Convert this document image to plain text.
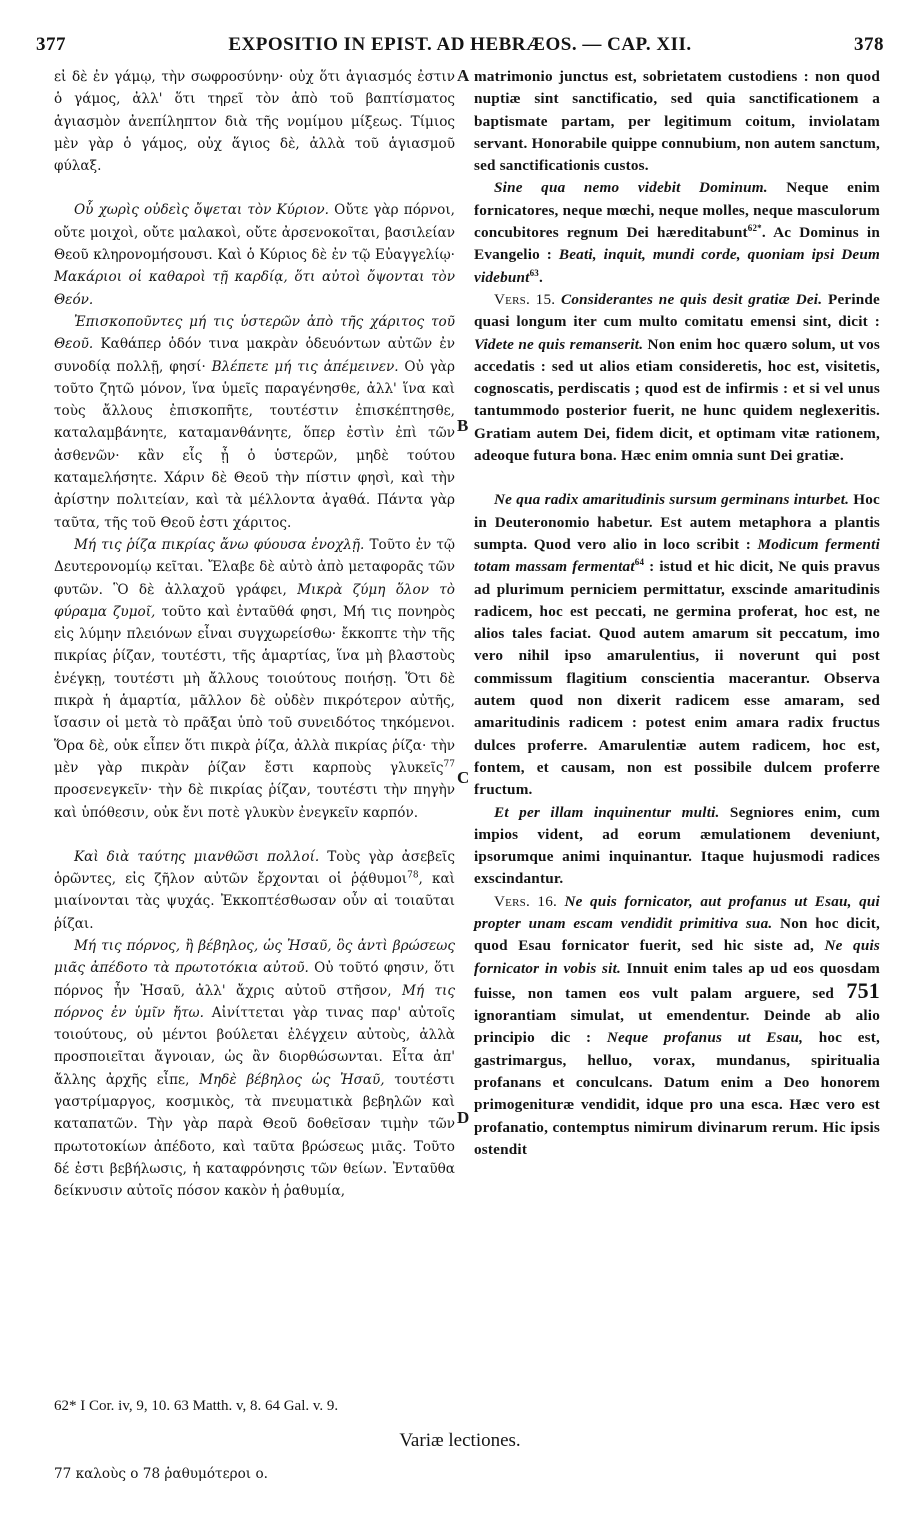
377	EXPOSITIO IN EPIST. AD HEBRÆOS. — CAP. XII.	378

εἰ δὲ ἐν γάμῳ, τὴν σωφροσύνην· οὐχ ὅτι ἁγιασμός ἐστιν ὁ γάμος, ἀλλ' ὅτι τηρεῖ τὸν ἀπὸ τοῦ βαπτίσματος ἁγιασμὸν ἀνεπίληπτον διὰ τῆς νομίμου μίξεως. Τίμιος μὲν γὰρ ὁ γάμος, οὐχ ἅγιος δὲ, ἀλλὰ τοῦ ἁγιασμοῦ φύλαξ.

Οὗ χωρὶς οὐδεὶς ὄψεται τὸν Κύριον. Οὔτε γὰρ πόρνοι, οὔτε μοιχοὶ, οὔτε μαλακοὶ, οὔτε ἀρσενοκοῖται, βασιλείαν Θεοῦ κληρονομήσουσι. Καὶ ὁ Κύριος δὲ ἐν τῷ Εὐαγγελίῳ· Μακάριοι οἱ καθαροὶ τῇ καρδίᾳ, ὅτι αὐτοὶ ὄψονται τὸν Θεόν.

Ἐπισκοποῦντες μή τις ὑστερῶν ἀπὸ τῆς χάριτος τοῦ Θεοῦ. Καθάπερ ὁδόν τινα μακρὰν ὁδευόντων αὐτῶν ἐν συνοδίᾳ πολλῇ, φησί· Βλέπετε μή τις ἀπέμεινεν. Οὐ γὰρ τοῦτο ζητῶ μόνον, ἵνα ὑμεῖς παραγένησθε, ἀλλ' ἵνα καὶ τοὺς ἄλλους ἐπισκοπῆτε, τουτέστιν ἐπισκέπτησθε, καταλαμβάνητε, καταμανθάνητε, ὅπερ ἐστὶν ἐπὶ τῶν ἀσθενῶν· κἂν εἷς ᾖ ὁ ὑστερῶν, μηδὲ τούτου καταμελήσητε. Χάριν δὲ Θεοῦ τὴν πίστιν φησὶ, καὶ τὴν ἀρίστην πολιτείαν, καὶ τὰ μέλλοντα ἀγαθά. Πάντα γὰρ ταῦτα, τῆς τοῦ Θεοῦ ἐστι χάριτος.

Μή τις ῥίζα πικρίας ἄνω φύουσα ἐνοχλῇ. Τοῦτο ἐν τῷ Δευτερονομίῳ κεῖται. Ἔλαβε δὲ αὐτὸ ἀπὸ μεταφορᾶς τῶν φυτῶν. Ὃ δὲ ἀλλαχοῦ γράφει, Μικρὰ ζύμη ὅλον τὸ φύραμα ζυμοῖ, τοῦτο καὶ ἐνταῦθά φησι, Μή τις πονηρὸς εἰς λύμην πλειόνων εἶναι συγχωρείσθω· ἔκκοπτε τὴν τῆς πικρίας ῥίζαν, τουτέστι, τῆς ἁμαρτίας, ἵνα μὴ βλαστοὺς ἐνέγκῃ, τουτέστι μὴ ἄλλους τοιούτους ποιήσῃ. Ὅτι δὲ πικρὰ ἡ ἁμαρτία, μᾶλλον δὲ οὐδὲν πικρότερον αὐτῆς, ἴσασιν οἱ μετὰ τὸ πρᾶξαι ὑπὸ τοῦ συνειδότος τηκόμενοι. Ὅρα δὲ, οὐκ εἶπεν ὅτι πικρὰ ῥίζα, ἀλλὰ πικρίας ῥίζα· τὴν μὲν γὰρ πικρὰν ῥίζαν ἔστι καρποὺς γλυκεῖς$^{77}$ προσενεγκεῖν· τὴν δὲ πικρίας ῥίζαν, τουτέστι τὴν πηγὴν καὶ ὑπόθεσιν, οὐκ ἔνι ποτὲ γλυκὺν ἐνεγκεῖν καρπόν.

Καὶ διὰ ταύτης μιανθῶσι πολλοί. Τοὺς γὰρ ἀσεβεῖς ὁρῶντες, εἰς ζῆλον αὐτῶν ἔρχονται οἱ ῥᾴθυμοι$^{78}$, καὶ μιαίνονται τὰς ψυχάς. Ἐκκοπτέσθωσαν οὖν αἱ τοιαῦται ῥίζαι.

Μή τις πόρνος, ἢ βέβηλος, ὡς Ἠσαῦ, ὃς ἀντὶ βρώσεως μιᾶς ἀπέδοτο τὰ πρωτοτόκια αὐτοῦ. Οὐ τοῦτό φησιν, ὅτι πόρνος ἦν Ἠσαῦ, ἀλλ' ἄχρις αὐτοῦ στῆσον, Μή τις πόρνος ἐν ὑμῖν ἤτω. Αἰνίττεται γὰρ τινας παρ' αὐτοῖς τοιούτους, οὐ μέντοι βούλεται ἐλέγχειν αὐτοὺς, ἀλλὰ προσποιεῖται ἄγνοιαν, ὡς ἂν διορθώσωνται. Εἶτα ἀπ' ἄλλης ἀρχῆς εἶπε, Μηδὲ βέβηλος ὡς Ἠσαῦ, τουτέστι γαστρίμαργος, κοσμικὸς, τὰ πνευματικὰ βεβηλῶν καὶ καταπατῶν. Τὴν γὰρ παρὰ Θεοῦ δοθεῖσαν τιμὴν τῶν πρωτοτοκίων ἀπέδοτο, καὶ ταῦτα βρώσεως μιᾶς. Τοῦτο δέ ἐστι βεβήλωσις, ἡ καταφρόνησις τῶν θείων. Ἐνταῦθα δείκνυσιν αὐτοῖς πόσον κακὸν ἡ ῥαθυμία,

A
B
C
D

matrimonio junctus est, sobrietatem custodiens : non quod nuptiæ sint sanctificatio, sed quia sanctificationem a baptismate partam, per legitimum coitum, inviolatam servant. Honorabile quippe connubium, non autem sanctum, sed sanctificationis custos.

Sine qua nemo videbit Dominum. Neque enim fornicatores, neque mœchi, neque molles, neque masculorum concubitores regnum Dei hæreditabunt$^{62*}$. Ac Dominus in Evangelio : Beati, inquit, mundi corde, quoniam ipsi Deum videbunt$^{63}$.

Vers. 15. Considerantes ne quis desit gratiæ Dei. Perinde quasi longum iter cum multo comitatu emensi sint, dicit : Videte ne quis remanserit. Non enim hoc quæro solum, ut vos accedatis : sed ut alios etiam consideretis, hoc est, visitetis, cognoscatis, perdiscatis ; quod est de infirmis : et si vel unus tantummodo posterior fuerit, ne hunc quidem neglexeritis. Gratiam autem Dei, fidem dicit, et optimam vitæ rationem, adeoque futura bona. Hæc enim omnia sunt Dei gratiæ.

Ne qua radix amaritudinis sursum germinans inturbet. Hoc in Deuteronomio habetur. Est autem metaphora a plantis sumpta. Quod vero alio in loco scribit : Modicum fermenti totam massam fermentat$^{64}$ : istud et hic dicit, Ne quis pravus ad plurimum perniciem permittatur, exscinde amaritudinis radicem, hoc est peccati, ne germina proferat, hoc est, ne alios tales faciat. Quod autem amarum sit peccatum, imo vero nihil ipso amarulentius, ii noverunt qui post commissum flagitium conscientia macerantur. Observa autem quod non dixerit radicem esse amaram, sed amaritudinis radicem : potest enim amara radix fructus dulces proferre. Amarulentiæ autem radicem, hoc est, fontem, et causam, non est possibile dulcem proferre fructum.

Et per illam inquinentur multi. Segniores enim, cum impios vident, ad eorum æmulationem deveniunt, ipsorumque animi inquinantur. Itaque hujusmodi radices exscindantur.

Vers. 16. Ne quis fornicator, aut profanus ut Esau, qui propter unam escam vendidit primitiva sua. Non hoc dicit, quod Esau fornicator fuerit, sed hic siste ad, Ne quis fornicator in vobis sit. Innuit enim tales ap ud eos quosdam fuisse, non tamen eos vult palam arguere, sed 751 ignorantiam simulat, ut emendentur. Deinde ab alio principio dic : Neque profanus ut Esau, hoc est, gastrimargus, helluo, vorax, mundanus, spiritualia profanans et conculcans. Datum enim a Deo honorem primogenituræ vendidit, idque pro una esca. Hæc vero est profanatio, contemptus nimirum divinarum rerum. Hic ipsis ostendit

62* I Cor. iv, 9, 10. 63 Matth. v, 8. 64 Gal. v. 9.
Variæ lectiones.
77 καλοὺς ο 78 ῥαθυμότεροι ο.
